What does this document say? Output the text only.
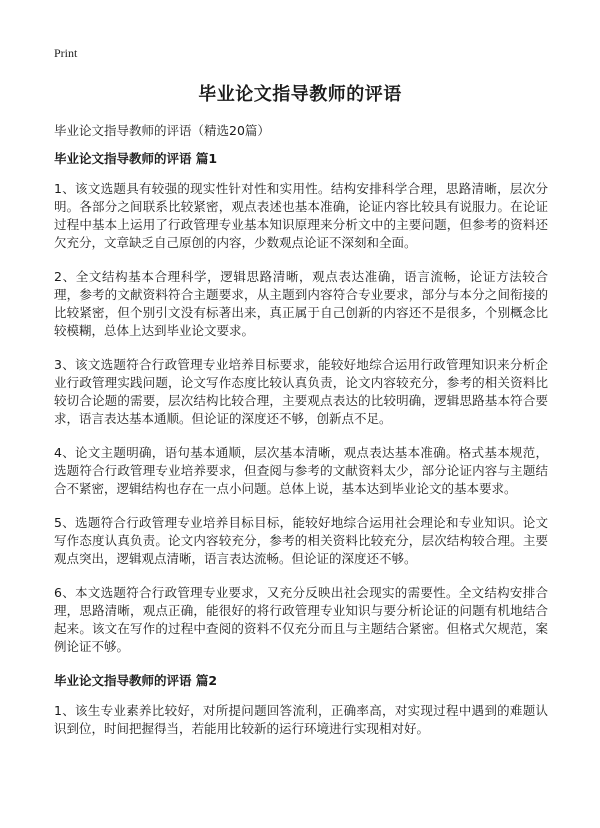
Print
毕业论文指导教师的评语

毕业论文指导教师的评语（精选20篇）

毕业论文指导教师的评语 篇1

1、该文选题具有较强的现实性针对性和实用性。结构安排科学合理，思路清晰，层次分明。各部分之间联系比较紧密，观点表述也基本准确，论证内容比较具有说服力。在论证过程中基本上运用了行政管理专业基本知识原理来分析文中的主要问题，但参考的资料还欠充分，文章缺乏自己原创的内容，少数观点论证不深刻和全面。

2、全文结构基本合理科学，逻辑思路清晰，观点表达准确，语言流畅，论证方法较合理，参考的文献资料符合主题要求，从主题到内容符合专业要求，部分与本分之间衔接的比较紧密，但个别引文没有标著出来，真正属于自己创新的内容还不是很多，个别概念比较模糊，总体上达到毕业论文要求。

3、该文选题符合行政管理专业培养目标要求，能较好地综合运用行政管理知识来分析企业行政管理实践问题，论文写作态度比较认真负责，论文内容较充分，参考的相关资料比较切合论题的需要，层次结构比较合理，主要观点表达的比较明确，逻辑思路基本符合要求，语言表达基本通顺。但论证的深度还不够，创新点不足。

4、论文主题明确，语句基本通顺，层次基本清晰，观点表达基本准确。格式基本规范，选题符合行政管理专业培养要求，但查阅与参考的文献资料太少，部分论证内容与主题结合不紧密，逻辑结构也存在一点小问题。总体上说，基本达到毕业论文的基本要求。

5、选题符合行政管理专业培养目标目标，能较好地综合运用社会理论和专业知识。论文写作态度认真负责。论文内容较充分，参考的相关资料比较充分，层次结构较合理。主要观点突出，逻辑观点清晰，语言表达流畅。但论证的深度还不够。

6、本文选题符合行政管理专业要求，又充分反映出社会现实的需要性。全文结构安排合理，思路清晰，观点正确，能很好的将行政管理专业知识与要分析论证的问题有机地结合起来。该文在写作的过程中查阅的资料不仅充分而且与主题结合紧密。但格式欠规范，案例论证不够。

毕业论文指导教师的评语 篇2

1、该生专业素养比较好，对所提问题回答流利，正确率高，对实现过程中遇到的难题认识到位，时间把握得当，若能用比较新的运行环境进行实现相对好。
